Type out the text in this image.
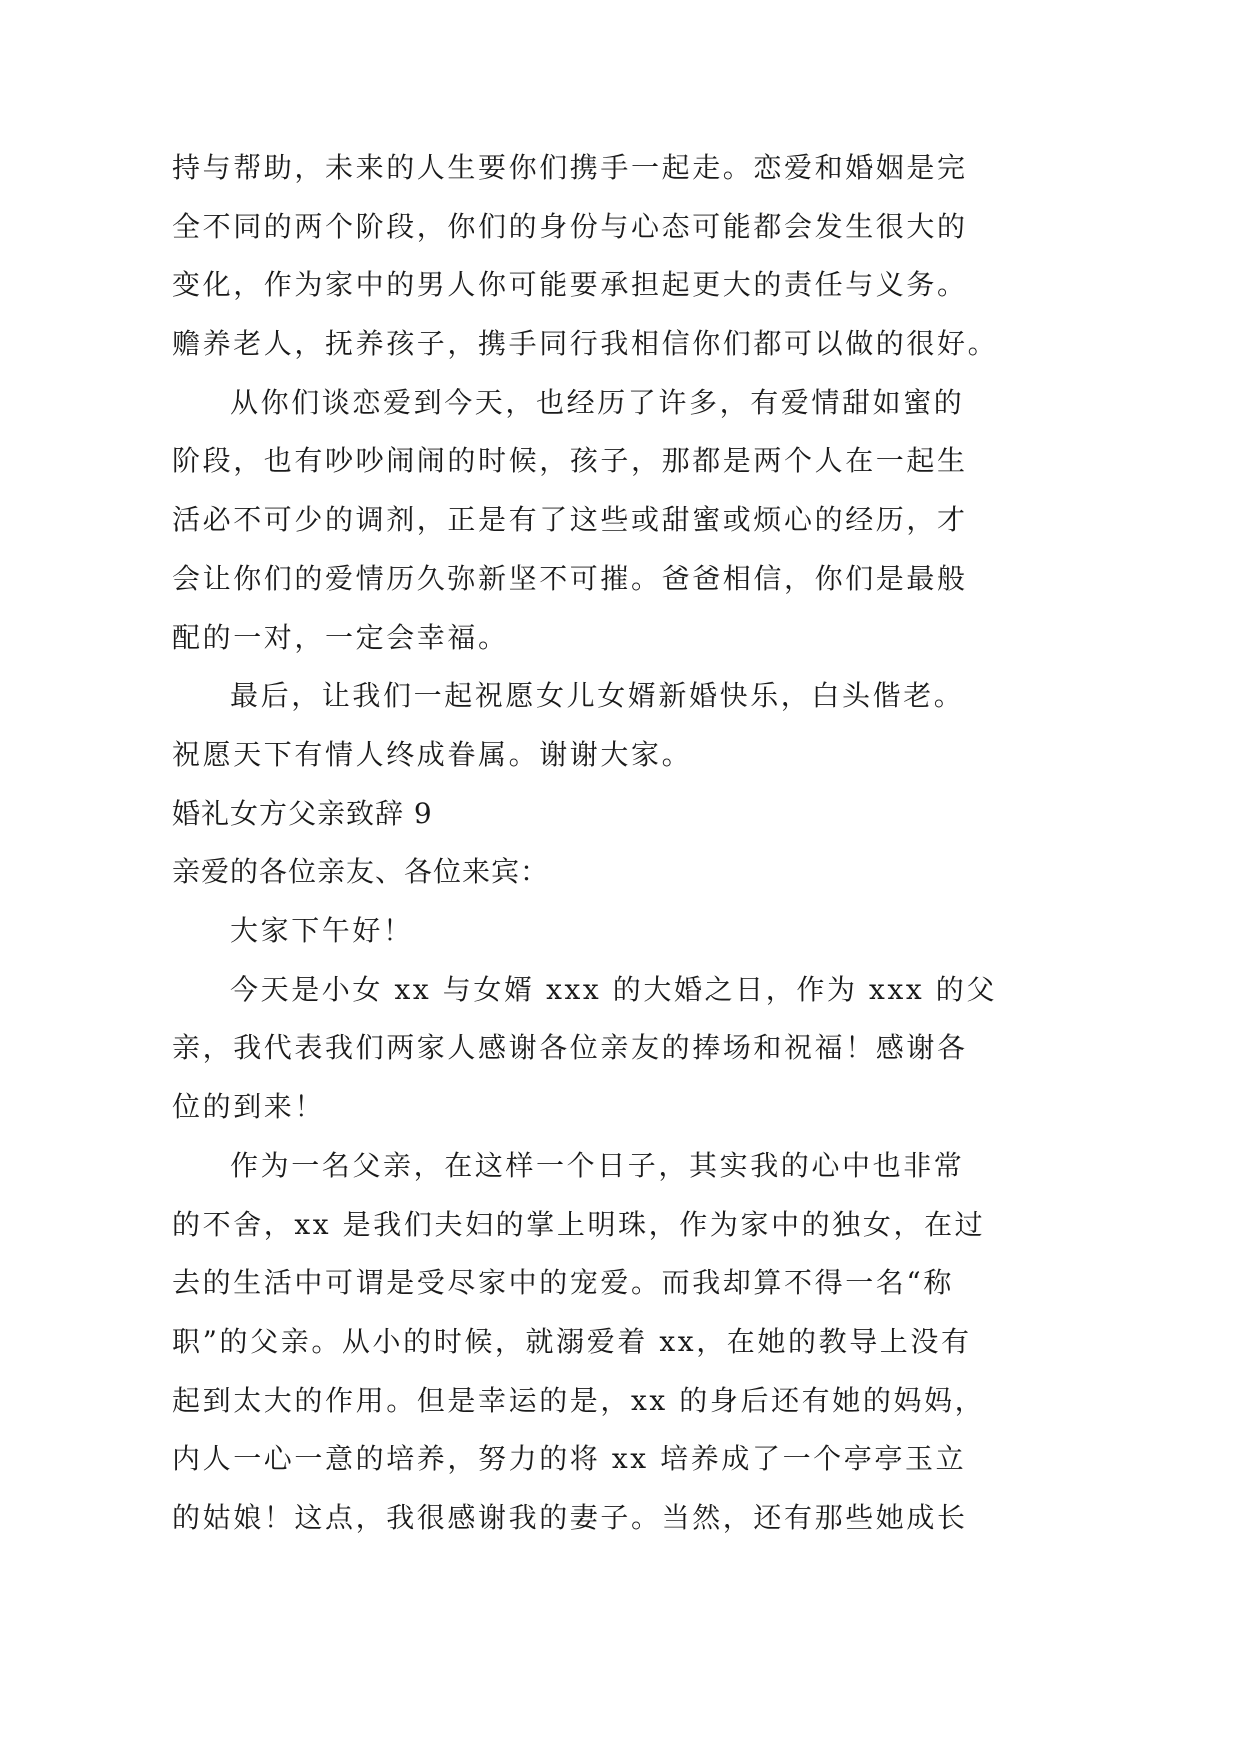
持与帮助，未来的人生要你们携手一起走。恋爱和婚姻是完
全不同的两个阶段，你们的身份与心态可能都会发生很大的
变化，作为家中的男人你可能要承担起更大的责任与义务。
赡养老人，抚养孩子，携手同行我相信你们都可以做的很好。
从你们谈恋爱到今天，也经历了许多，有爱情甜如蜜的
阶段，也有吵吵闹闹的时候，孩子，那都是两个人在一起生
活必不可少的调剂，正是有了这些或甜蜜或烦心的经历，才
会让你们的爱情历久弥新坚不可摧。爸爸相信，你们是最般
配的一对，一定会幸福。
最后，让我们一起祝愿女儿女婿新婚快乐，白头偕老。
祝愿天下有情人终成眷属。谢谢大家。
婚礼女方父亲致辞 9
亲爱的各位亲友、各位来宾：
大家下午好！
今天是小女 xx 与女婿 xxx 的大婚之日，作为 xxx 的父
亲，我代表我们两家人感谢各位亲友的捧场和祝福！感谢各
位的到来！
作为一名父亲，在这样一个日子，其实我的心中也非常
的不舍，xx 是我们夫妇的掌上明珠，作为家中的独女，在过
去的生活中可谓是受尽家中的宠爱。而我却算不得一名“称
职”的父亲。从小的时候，就溺爱着 xx，在她的教导上没有
起到太大的作用。但是幸运的是，xx 的身后还有她的妈妈，
内人一心一意的培养，努力的将 xx 培养成了一个亭亭玉立
的姑娘！这点，我很感谢我的妻子。当然，还有那些她成长
